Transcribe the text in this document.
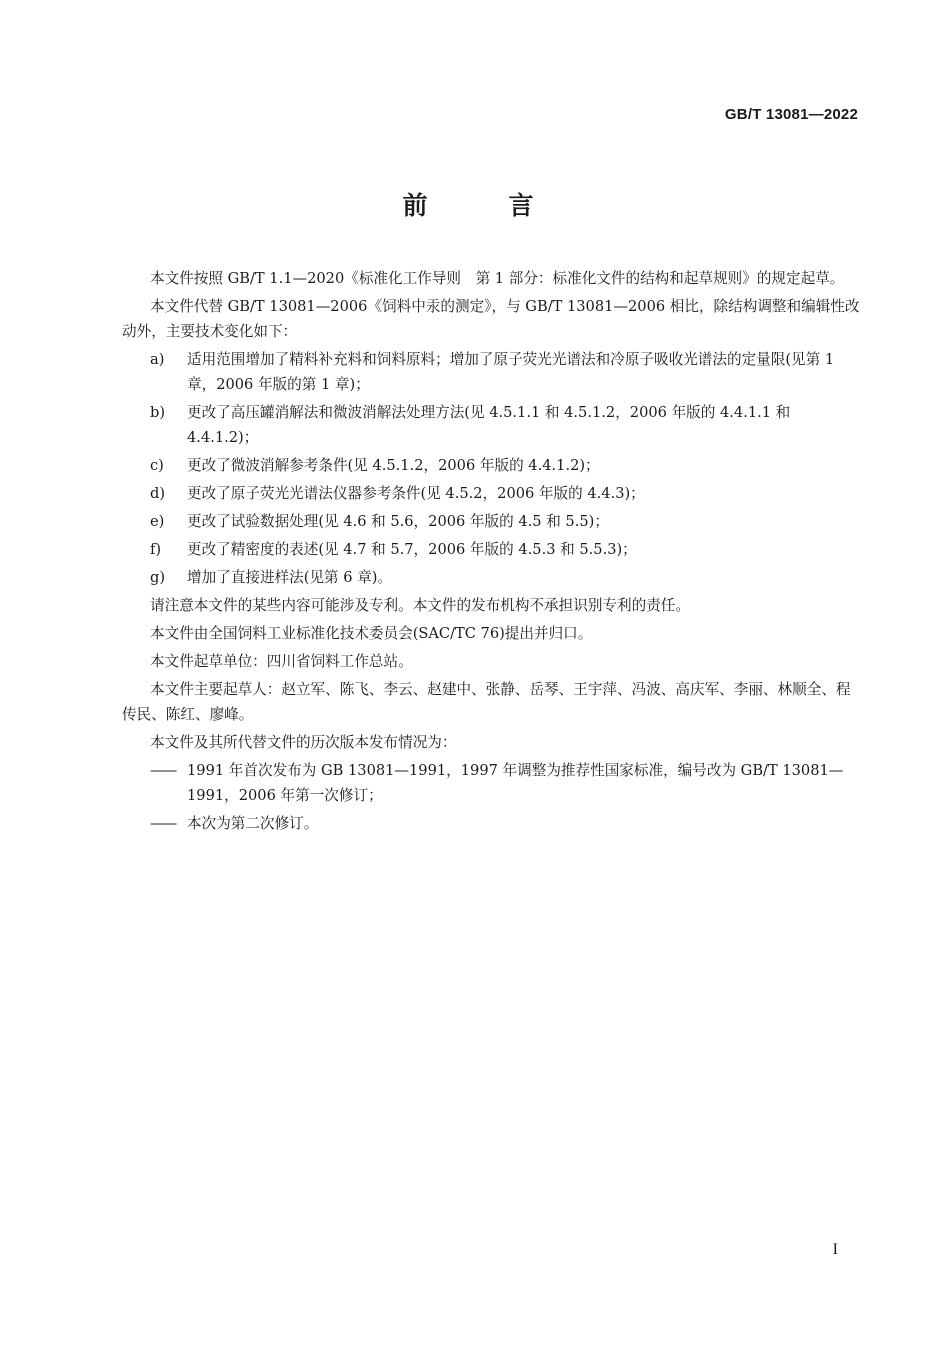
GB/T 13081—2022
前　言

本文件按照 GB/T 1.1—2020《标准化工作导则　第 1 部分：标准化文件的结构和起草规则》的规定起草。

本文件代替 GB/T 13081—2006《饲料中汞的测定》，与 GB/T 13081—2006 相比，除结构调整和编辑性改动外，主要技术变化如下：

a)	适用范围增加了精料补充料和饲料原料；增加了原子荧光光谱法和冷原子吸收光谱法的定量限(见第 1 章，2006 年版的第 1 章)；
b)	更改了高压罐消解法和微波消解法处理方法(见 4.5.1.1 和 4.5.1.2，2006 年版的 4.4.1.1 和 4.4.1.2)；
c)	更改了微波消解参考条件(见 4.5.1.2，2006 年版的 4.4.1.2)；
d)	更改了原子荧光光谱法仪器参考条件(见 4.5.2，2006 年版的 4.4.3)；
e)	更改了试验数据处理(见 4.6 和 5.6，2006 年版的 4.5 和 5.5)；
f)	更改了精密度的表述(见 4.7 和 5.7，2006 年版的 4.5.3 和 5.5.3)；
g)	增加了直接进样法(见第 6 章)。

请注意本文件的某些内容可能涉及专利。本文件的发布机构不承担识别专利的责任。

本文件由全国饲料工业标准化技术委员会(SAC/TC 76)提出并归口。

本文件起草单位：四川省饲料工作总站。

本文件主要起草人：赵立军、陈飞、李云、赵建中、张静、岳琴、王宇萍、冯波、高庆军、李丽、林顺全、程传民、陈红、廖峰。

本文件及其所代替文件的历次版本发布情况为：

—— 1991 年首次发布为 GB 13081—1991，1997 年调整为推荐性国家标准，编号改为 GB/T 13081—1991，2006 年第一次修订；
—— 本次为第二次修订。
I
